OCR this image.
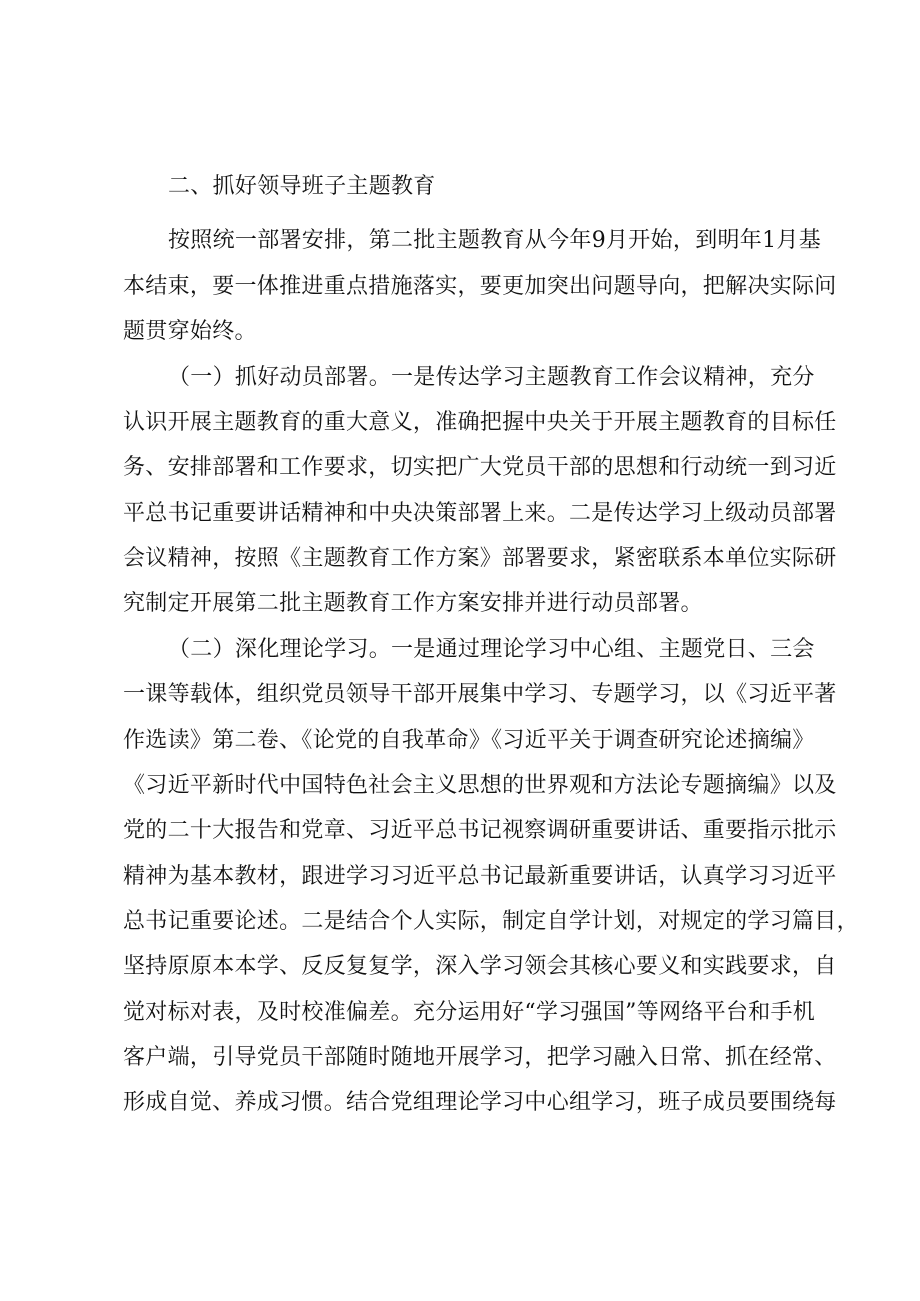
二、抓好领导班子主题教育
按照统一部署安排，第二批主题教育从今年9月开始，到明年1月基
本结束，要一体推进重点措施落实，要更加突出问题导向，把解决实际问
题贯穿始终。
（一）抓好动员部署。一是传达学习主题教育工作会议精神，充分
认识开展主题教育的重大意义，准确把握中央关于开展主题教育的目标任
务、安排部署和工作要求，切实把广大党员干部的思想和行动统一到习近
平总书记重要讲话精神和中央决策部署上来。二是传达学习上级动员部署
会议精神，按照《主题教育工作方案》部署要求，紧密联系本单位实际研
究制定开展第二批主题教育工作方案安排并进行动员部署。
（二）深化理论学习。一是通过理论学习中心组、主题党日、三会
一课等载体，组织党员领导干部开展集中学习、专题学习，以《习近平著
作选读》第二卷、《论党的自我革命》《习近平关于调查研究论述摘编》
《习近平新时代中国特色社会主义思想的世界观和方法论专题摘编》以及
党的二十大报告和党章、习近平总书记视察调研重要讲话、重要指示批示
精神为基本教材，跟进学习习近平总书记最新重要讲话，认真学习习近平
总书记重要论述。二是结合个人实际，制定自学计划，对规定的学习篇目，
坚持原原本本学、反反复复学，深入学习领会其核心要义和实践要求，自
觉对标对表，及时校准偏差。充分运用好“学习强国”等网络平台和手机
客户端，引导党员干部随时随地开展学习，把学习融入日常、抓在经常、
形成自觉、养成习惯。结合党组理论学习中心组学习，班子成员要围绕每
